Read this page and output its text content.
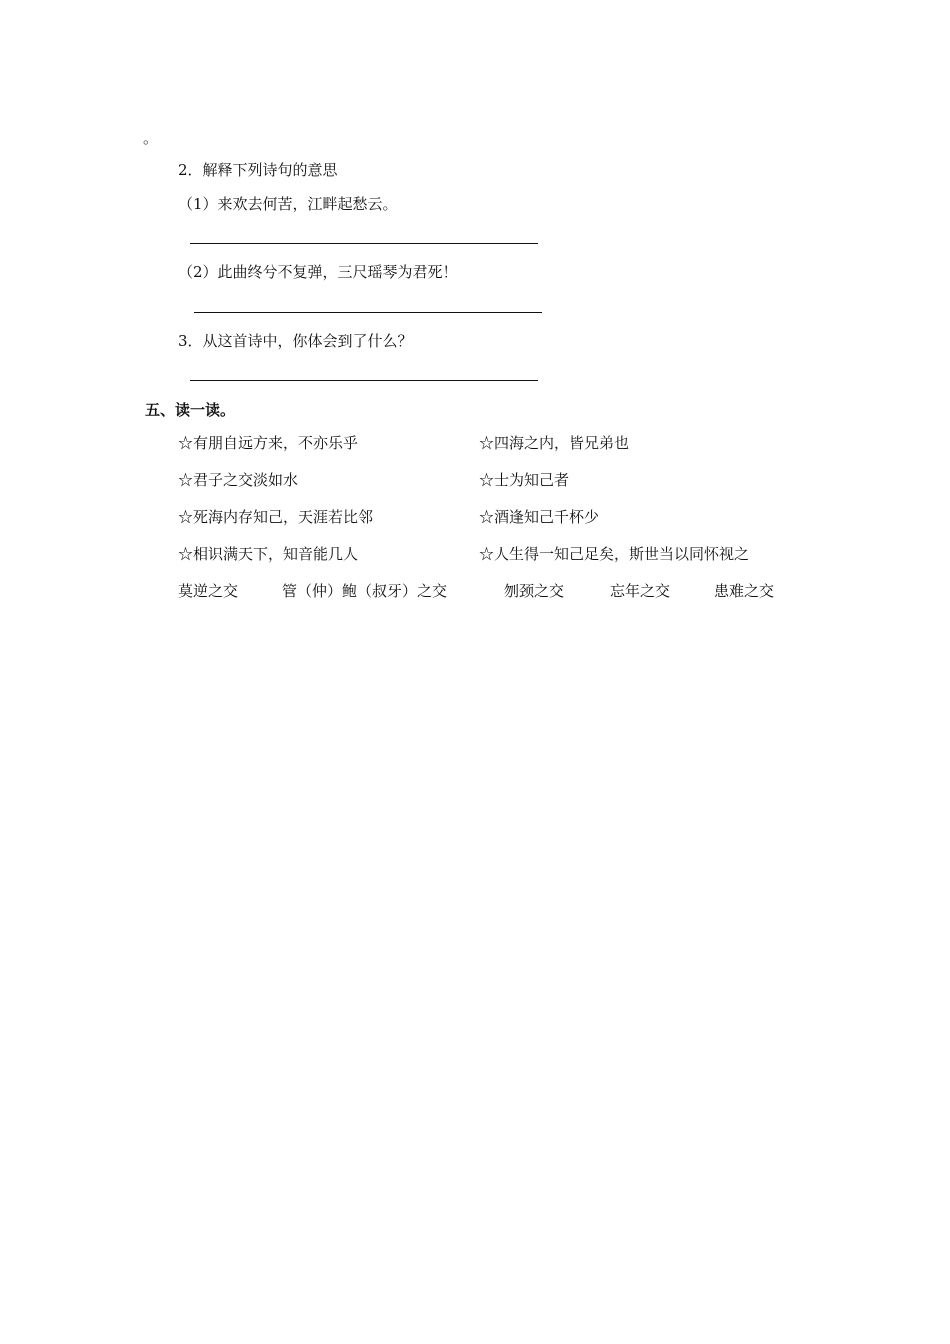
。
2．解释下列诗句的意思
（1）来欢去何苦，江畔起愁云。
（2）此曲终兮不复弹，三尺瑶琴为君死！
3．从这首诗中，你体会到了什么？
五、读一读。
☆有朋自远方来，不亦乐乎	☆四海之内，皆兄弟也
☆君子之交淡如水	☆士为知己者
☆死海内存知己，天涯若比邻	☆酒逢知己千杯少
☆相识满天下，知音能几人	☆人生得一知己足矣，斯世当以同怀视之
莫逆之交	管（仲）鲍（叔牙）之交	刎颈之交	忘年之交	患难之交
